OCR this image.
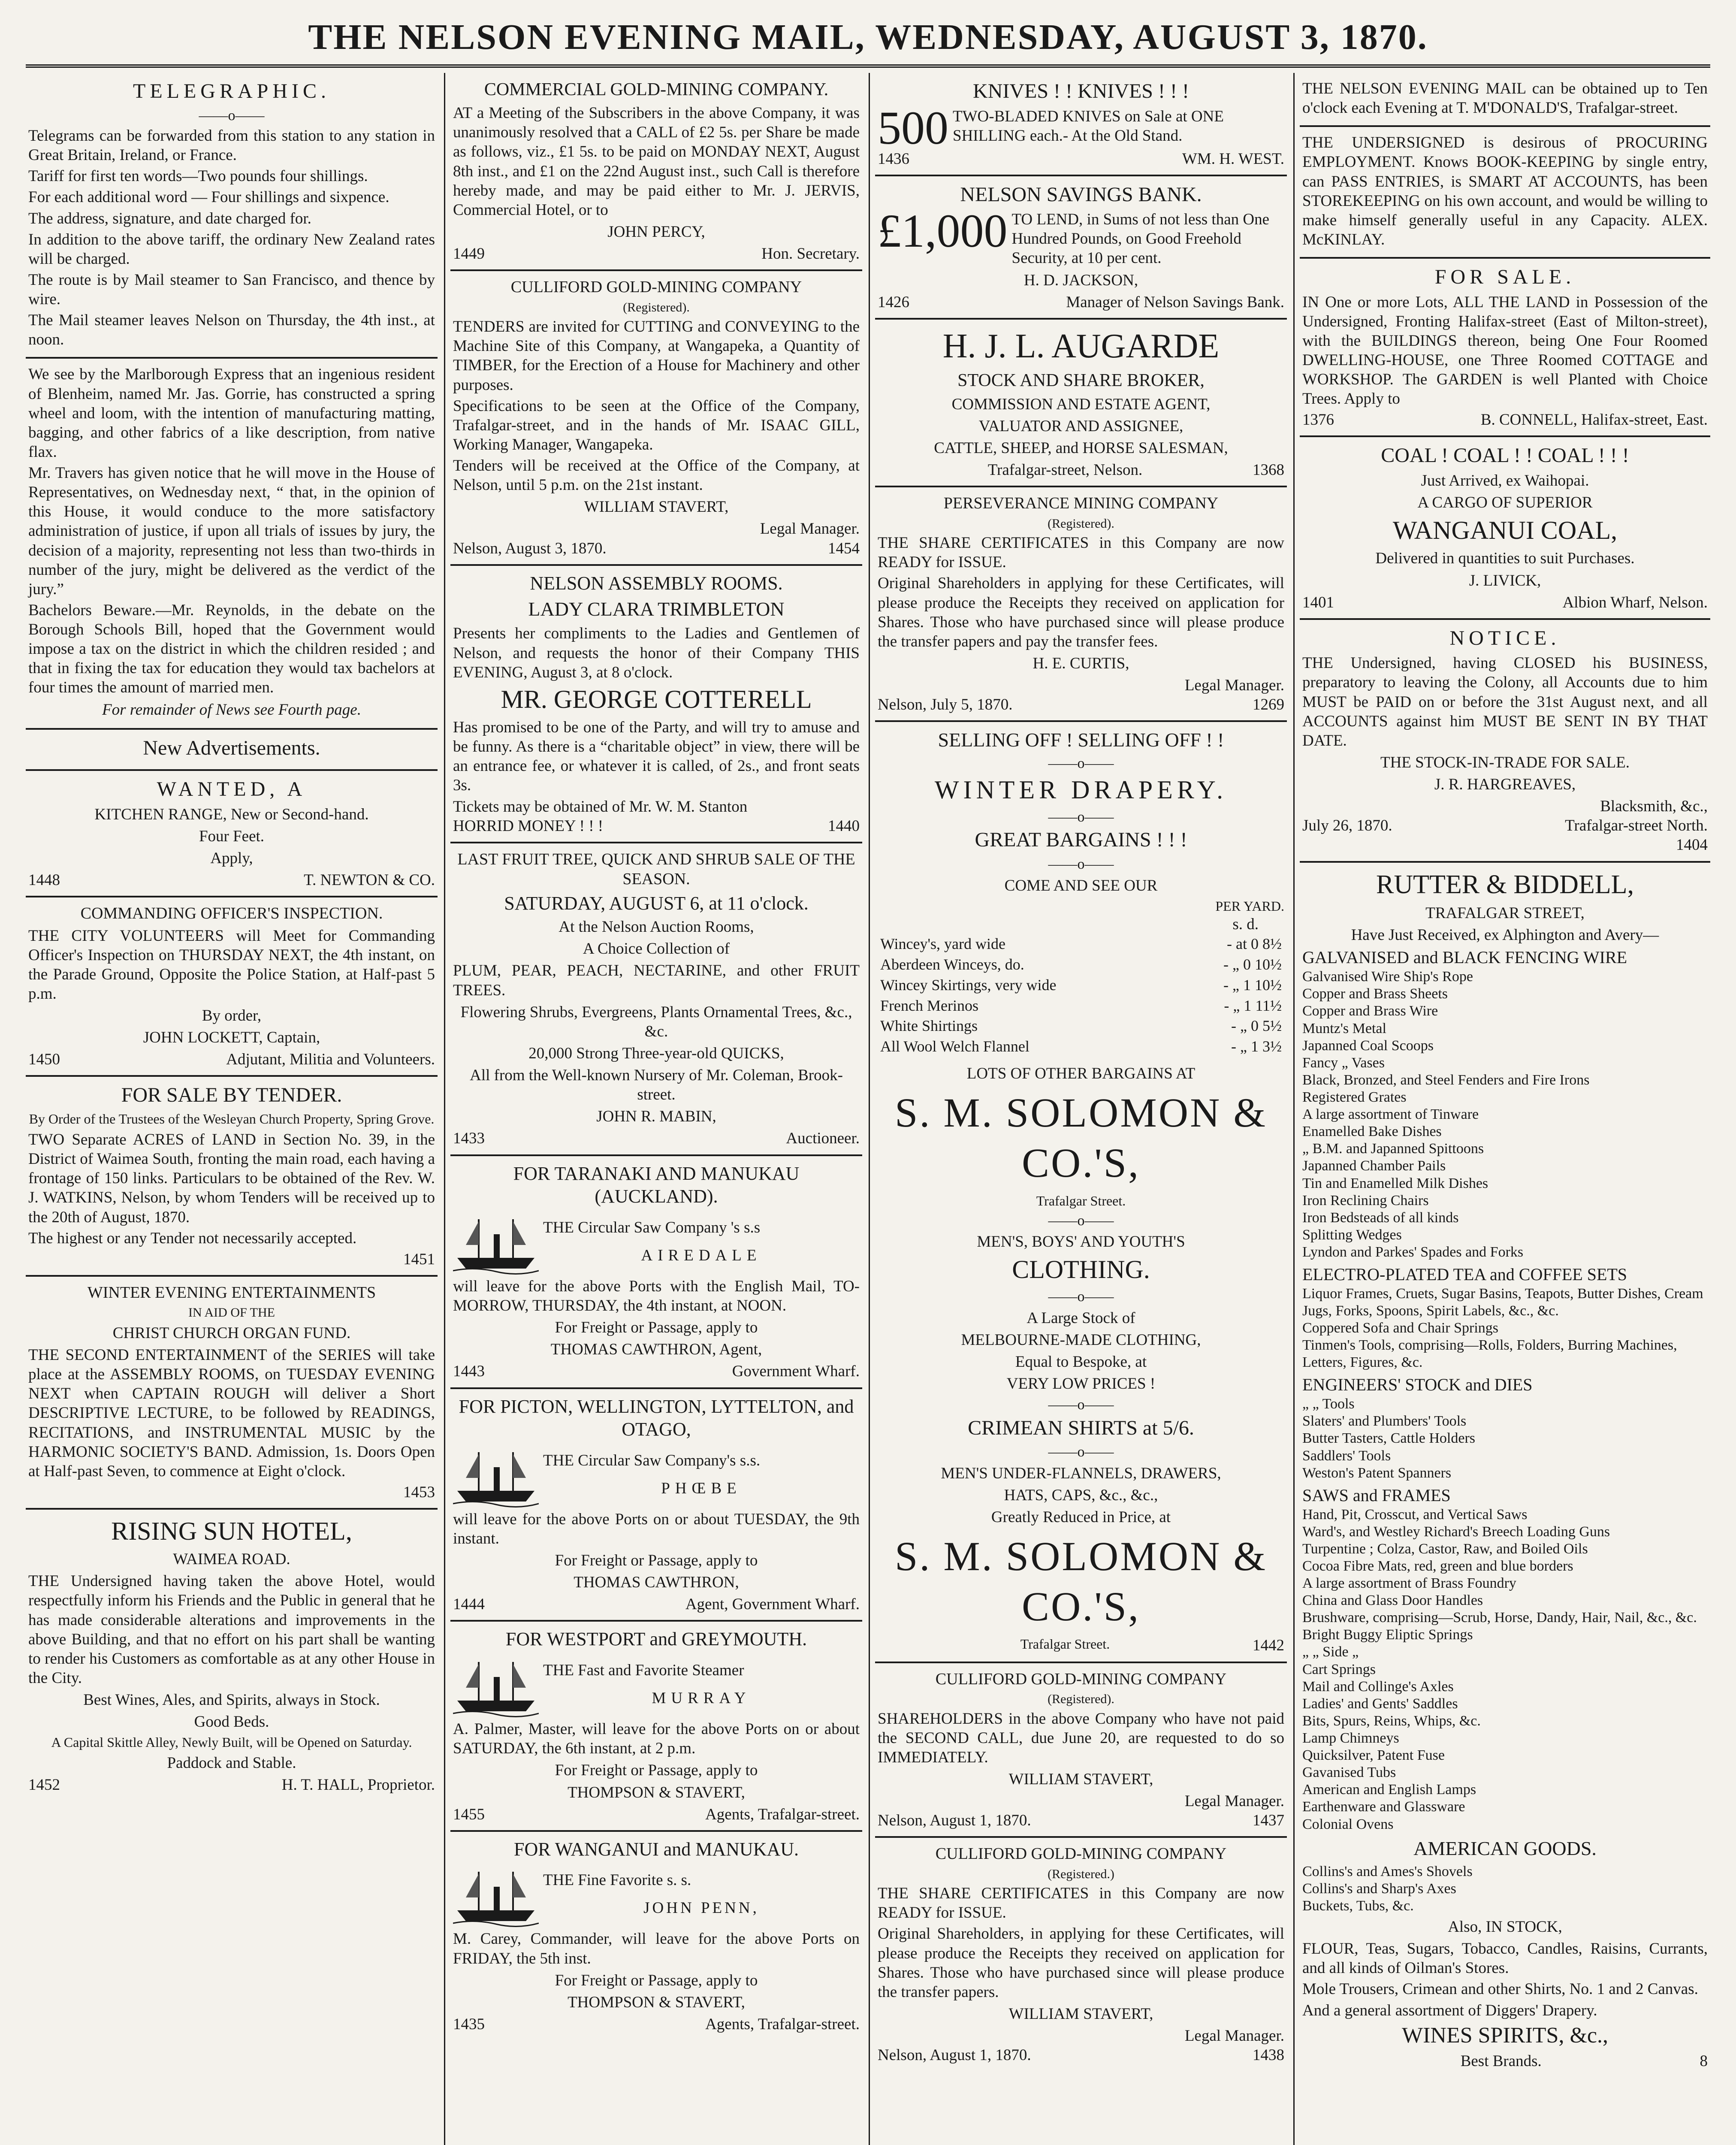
THE NELSON EVENING MAIL, WEDNESDAY, AUGUST 3, 1870.
TELEGRAPHIC.
——o——

Telegrams can be forwarded from this station to any station in Great Britain, Ireland, or France.

Tariff for first ten words—Two pounds four shillings.

For each additional word — Four shillings and sixpence.

The address, signature, and date charged for.

In addition to the above tariff, the ordinary New Zealand rates will be charged.

The route is by Mail steamer to San Francisco, and thence by wire.

The Mail steamer leaves Nelson on Thursday, the 4th inst., at noon.

We see by the Marlborough Express that an ingenious resident of Blenheim, named Mr. Jas. Gorrie, has constructed a spring wheel and loom, with the intention of manufacturing matting, bagging, and other fabrics of a like description, from native flax.

Mr. Travers has given notice that he will move in the House of Representatives, on Wednesday next, “ that, in the opinion of this House, it would conduce to the more satisfactory administration of justice, if upon all trials of issues by jury, the decision of a majority, representing not less than two-thirds in number of the jury, might be delivered as the verdict of the jury.”

Bachelors Beware.—Mr. Reynolds, in the debate on the Borough Schools Bill, hoped that the Government would impose a tax on the district in which the children resided ; and that in fixing the tax for education they would tax bachelors at four times the amount of married men.

For remainder of News see Fourth page.
New Advertisements.
WANTED, A
KITCHEN RANGE, New or Second-hand.
Four Feet.
Apply,
1448	T. NEWTON & CO.
COMMANDING OFFICER'S INSPECTION.

THE CITY VOLUNTEERS will Meet for Commanding Officer's Inspection on THURSDAY NEXT, the 4th instant, on the Parade Ground, Opposite the Police Station, at Half-past 5 p.m.

By order,
JOHN LOCKETT, Captain,
1450	Adjutant, Militia and Volunteers.
FOR SALE BY TENDER.
By Order of the Trustees of the Wesleyan Church Property, Spring Grove.

TWO Separate ACRES of LAND in Section No. 39, in the District of Waimea South, fronting the main road, each having a frontage of 150 links. Particulars to be obtained of the Rev. W. J. WATKINS, Nelson, by whom Tenders will be received up to the 20th of August, 1870.

The highest or any Tender not necessarily accepted.

1451
WINTER EVENING ENTERTAINMENTS
IN AID OF THE
CHRIST CHURCH ORGAN FUND.

THE SECOND ENTERTAINMENT of the SERIES will take place at the ASSEMBLY ROOMS, on TUESDAY EVENING NEXT when CAPTAIN ROUGH will deliver a Short DESCRIPTIVE LECTURE, to be followed by READINGS, RECITATIONS, and INSTRUMENTAL MUSIC by the HARMONIC SOCIETY'S BAND. Admission, 1s. Doors Open at Half-past Seven, to commence at Eight o'clock.

1453
RISING SUN HOTEL,
WAIMEA ROAD.

THE Undersigned having taken the above Hotel, would respectfully inform his Friends and the Public in general that he has made considerable alterations and improvements in the above Building, and that no effort on his part shall be wanting to render his Customers as comfortable as at any other House in the City.

Best Wines, Ales, and Spirits, always in Stock.
Good Beds.
A Capital Skittle Alley, Newly Built, will be Opened on Saturday.
Paddock and Stable.
1452	H. T. HALL, Proprietor.
COMMERCIAL GOLD-MINING COMPANY.

AT a Meeting of the Subscribers in the above Company, it was unanimously resolved that a CALL of £2 5s. per Share be made as follows, viz., £1 5s. to be paid on MONDAY NEXT, August 8th inst., and £1 on the 22nd August inst., such Call is therefore hereby made, and may be paid either to Mr. J. JERVIS, Commercial Hotel, or to

JOHN PERCY,
1449	Hon. Secretary.
CULLIFORD GOLD-MINING COMPANY
(Registered).

TENDERS are invited for CUTTING and CONVEYING to the Machine Site of this Company, at Wangapeka, a Quantity of TIMBER, for the Erection of a House for Machinery and other purposes.

Specifications to be seen at the Office of the Company, Trafalgar-street, and in the hands of Mr. ISAAC GILL, Working Manager, Wangapeka.

Tenders will be received at the Office of the Company, at Nelson, until 5 p.m. on the 21st instant.

WILLIAM STAVERT,
Legal Manager.
Nelson, August 3, 1870.	1454
NELSON ASSEMBLY ROOMS.
LADY CLARA TRIMBLETON

Presents her compliments to the Ladies and Gentlemen of Nelson, and requests the honor of their Company THIS EVENING, August 3, at 8 o'clock.

MR. GEORGE COTTERELL

Has promised to be one of the Party, and will try to amuse and be funny. As there is a “charitable object” in view, there will be an entrance fee, or whatever it is called, of 2s., and front seats 3s.

Tickets may be obtained of Mr. W. M. Stanton
HORRID MONEY ! ! !	1440
LAST FRUIT TREE, QUICK AND SHRUB SALE OF THE SEASON.
SATURDAY, AUGUST 6, at 11 o'clock.
At the Nelson Auction Rooms,
A Choice Collection of

PLUM, PEAR, PEACH, NECTARINE, and other FRUIT TREES.

Flowering Shrubs, Evergreens, Plants Ornamental Trees, &c., &c.
20,000 Strong Three-year-old QUICKS,
All from the Well-known Nursery of Mr. Coleman, Brook-street.
JOHN R. MABIN,
1433	Auctioneer.
FOR TARANAKI AND MANUKAU (AUCKLAND).
THE Circular Saw Company 's s.s
AIREDALE

will leave for the above Ports with the English Mail, TO-MORROW, THURSDAY, the 4th instant, at NOON.

For Freight or Passage, apply to
THOMAS CAWTHRON, Agent,
1443	Government Wharf.
FOR PICTON, WELLINGTON, LYTTELTON, and OTAGO,
THE Circular Saw Company's s.s.
PHŒBE

will leave for the above Ports on or about TUESDAY, the 9th instant.

For Freight or Passage, apply to
THOMAS CAWTHRON,
1444	Agent, Government Wharf.
FOR WESTPORT and GREYMOUTH.
THE Fast and Favorite Steamer
MURRAY

A. Palmer, Master, will leave for the above Ports on or about SATURDAY, the 6th instant, at 2 p.m.

For Freight or Passage, apply to
THOMPSON & STAVERT,
1455	Agents, Trafalgar-street.
FOR WANGANUI and MANUKAU.
THE Fine Favorite s. s.
JOHN PENN,

M. Carey, Commander, will leave for the above Ports on FRIDAY, the 5th inst.

For Freight or Passage, apply to
THOMPSON & STAVERT,
1435	Agents, Trafalgar-street.
KNIVES ! ! KNIVES ! ! !
500 TWO-BLADED KNIVES on Sale at ONE SHILLING each.- At the Old Stand.
1436	WM. H. WEST.
NELSON SAVINGS BANK.
£1,000 TO LEND, in Sums of not less than One Hundred Pounds, on Good Freehold Security, at 10 per cent.
H. D. JACKSON,
1426	Manager of Nelson Savings Bank.
H. J. L. AUGARDE
STOCK AND SHARE BROKER,
COMMISSION AND ESTATE AGENT,
VALUATOR AND ASSIGNEE,
CATTLE, SHEEP, and HORSE SALESMAN,
Trafalgar-street, Nelson.	1368
PERSEVERANCE MINING COMPANY
(Registered).

THE SHARE CERTIFICATES in this Company are now READY for ISSUE.

Original Shareholders in applying for these Certificates, will please produce the Receipts they received on application for Shares. Those who have purchased since will please produce the transfer papers and pay the transfer fees.

H. E. CURTIS,
Legal Manager.
Nelson, July 5, 1870.	1269
SELLING OFF ! SELLING OFF ! !
——o——
WINTER DRAPERY.
——o——
GREAT BARGAINS ! ! !
——o——
COME AND SEE OUR
PER YARD.
s. d.
Wincey's, yard wide	- at 0 8½
Aberdeen Winceys, do.	- „ 0 10½
Wincey Skirtings, very wide	- „ 1 10½
French Merinos	- „ 1 11½
White Shirtings	- „ 0 5½
All Wool Welch Flannel	- „ 1 3½
LOTS OF OTHER BARGAINS AT
S. M. SOLOMON & CO.'S,
Trafalgar Street.
——o——
MEN'S, BOYS' AND YOUTH'S
CLOTHING.
——o——
A Large Stock of
MELBOURNE-MADE CLOTHING,
Equal to Bespoke, at
VERY LOW PRICES !
——o——
CRIMEAN SHIRTS at 5/6.
——o——
MEN'S UNDER-FLANNELS, DRAWERS,
HATS, CAPS, &c., &c.,
Greatly Reduced in Price, at
S. M. SOLOMON & CO.'S,
Trafalgar Street.	1442
CULLIFORD GOLD-MINING COMPANY
(Registered).

SHAREHOLDERS in the above Company who have not paid the SECOND CALL, due June 20, are requested to do so IMMEDIATELY.

WILLIAM STAVERT,
Legal Manager.
Nelson, August 1, 1870.	1437
CULLIFORD GOLD-MINING COMPANY
(Registered.)

THE SHARE CERTIFICATES in this Company are now READY for ISSUE.

Original Shareholders, in applying for these Certificates, will please produce the Receipts they received on application for Shares. Those who have purchased since will please produce the transfer papers.

WILLIAM STAVERT,
Legal Manager.
Nelson, August 1, 1870.	1438

THE NELSON EVENING MAIL can be obtained up to Ten o'clock each Evening at T. M'DONALD'S, Trafalgar-street.

THE UNDERSIGNED is desirous of PROCURING EMPLOYMENT. Knows BOOK-KEEPING by single entry, can PASS ENTRIES, is SMART AT ACCOUNTS, has been STOREKEEPING on his own account, and would be willing to make himself generally useful in any Capacity. ALEX. McKINLAY.

FOR SALE.

IN One or more Lots, ALL THE LAND in Possession of the Undersigned, Fronting Halifax-street (East of Milton-street), with the BUILDINGS thereon, being One Four Roomed DWELLING-HOUSE, one Three Roomed COTTAGE and WORKSHOP. The GARDEN is well Planted with Choice Trees. Apply to

1376	B. CONNELL, Halifax-street, East.
COAL ! COAL ! ! COAL ! ! !
Just Arrived, ex Waihopai.
A CARGO OF SUPERIOR
WANGANUI COAL,
Delivered in quantities to suit Purchases.
J. LIVICK,
1401	Albion Wharf, Nelson.
NOTICE.

THE Undersigned, having CLOSED his BUSINESS, preparatory to leaving the Colony, all Accounts due to him MUST be PAID on or before the 31st August next, and all ACCOUNTS against him MUST BE SENT IN BY THAT DATE.

THE STOCK-IN-TRADE FOR SALE.
J. R. HARGREAVES,
Blacksmith, &c.,
July 26, 1870.	Trafalgar-street North.
1404
RUTTER & BIDDELL,
TRAFALGAR STREET,
Have Just Received, ex Alphington and Avery—
GALVANISED and BLACK FENCING WIRE
Galvanised Wire Ship's Rope
Copper and Brass Sheets
Copper and Brass Wire
Muntz's Metal
Japanned Coal Scoops
Fancy „ Vases
Black, Bronzed, and Steel Fenders and Fire Irons
Registered Grates
A large assortment of Tinware
Enamelled Bake Dishes
„ B.M. and Japanned Spittoons
Japanned Chamber Pails
Tin and Enamelled Milk Dishes
Iron Reclining Chairs
Iron Bedsteads of all kinds
Splitting Wedges
Lyndon and Parkes' Spades and Forks
ELECTRO-PLATED TEA and COFFEE SETS
Liquor Frames, Cruets, Sugar Basins, Teapots, Butter Dishes, Cream Jugs, Forks, Spoons, Spirit Labels, &c., &c.
Coppered Sofa and Chair Springs
Tinmen's Tools, comprising—Rolls, Folders, Burring Machines, Letters, Figures, &c.
ENGINEERS' STOCK and DIES
„ „ Tools
Slaters' and Plumbers' Tools
Butter Tasters, Cattle Holders
Saddlers' Tools
Weston's Patent Spanners
SAWS and FRAMES
Hand, Pit, Crosscut, and Vertical Saws
Ward's, and Westley Richard's Breech Loading Guns
Turpentine ; Colza, Castor, Raw, and Boiled Oils
Cocoa Fibre Mats, red, green and blue borders
A large assortment of Brass Foundry
China and Glass Door Handles
Brushware, comprising—Scrub, Horse, Dandy, Hair, Nail, &c., &c.
Bright Buggy Eliptic Springs
„ „ Side „
Cart Springs
Mail and Collinge's Axles
Ladies' and Gents' Saddles
Bits, Spurs, Reins, Whips, &c.
Lamp Chimneys
Quicksilver, Patent Fuse
Gavanised Tubs
American and English Lamps
Earthenware and Glassware
Colonial Ovens
AMERICAN GOODS.
Collins's and Ames's Shovels
Collins's and Sharp's Axes
Buckets, Tubs, &c.
Also, IN STOCK,

FLOUR, Teas, Sugars, Tobacco, Candles, Raisins, Currants, and all kinds of Oilman's Stores.

Mole Trousers, Crimean and other Shirts, No. 1 and 2 Canvas.

And a general assortment of Diggers' Drapery.

WINES SPIRITS, &c.,
Best Brands.	8
